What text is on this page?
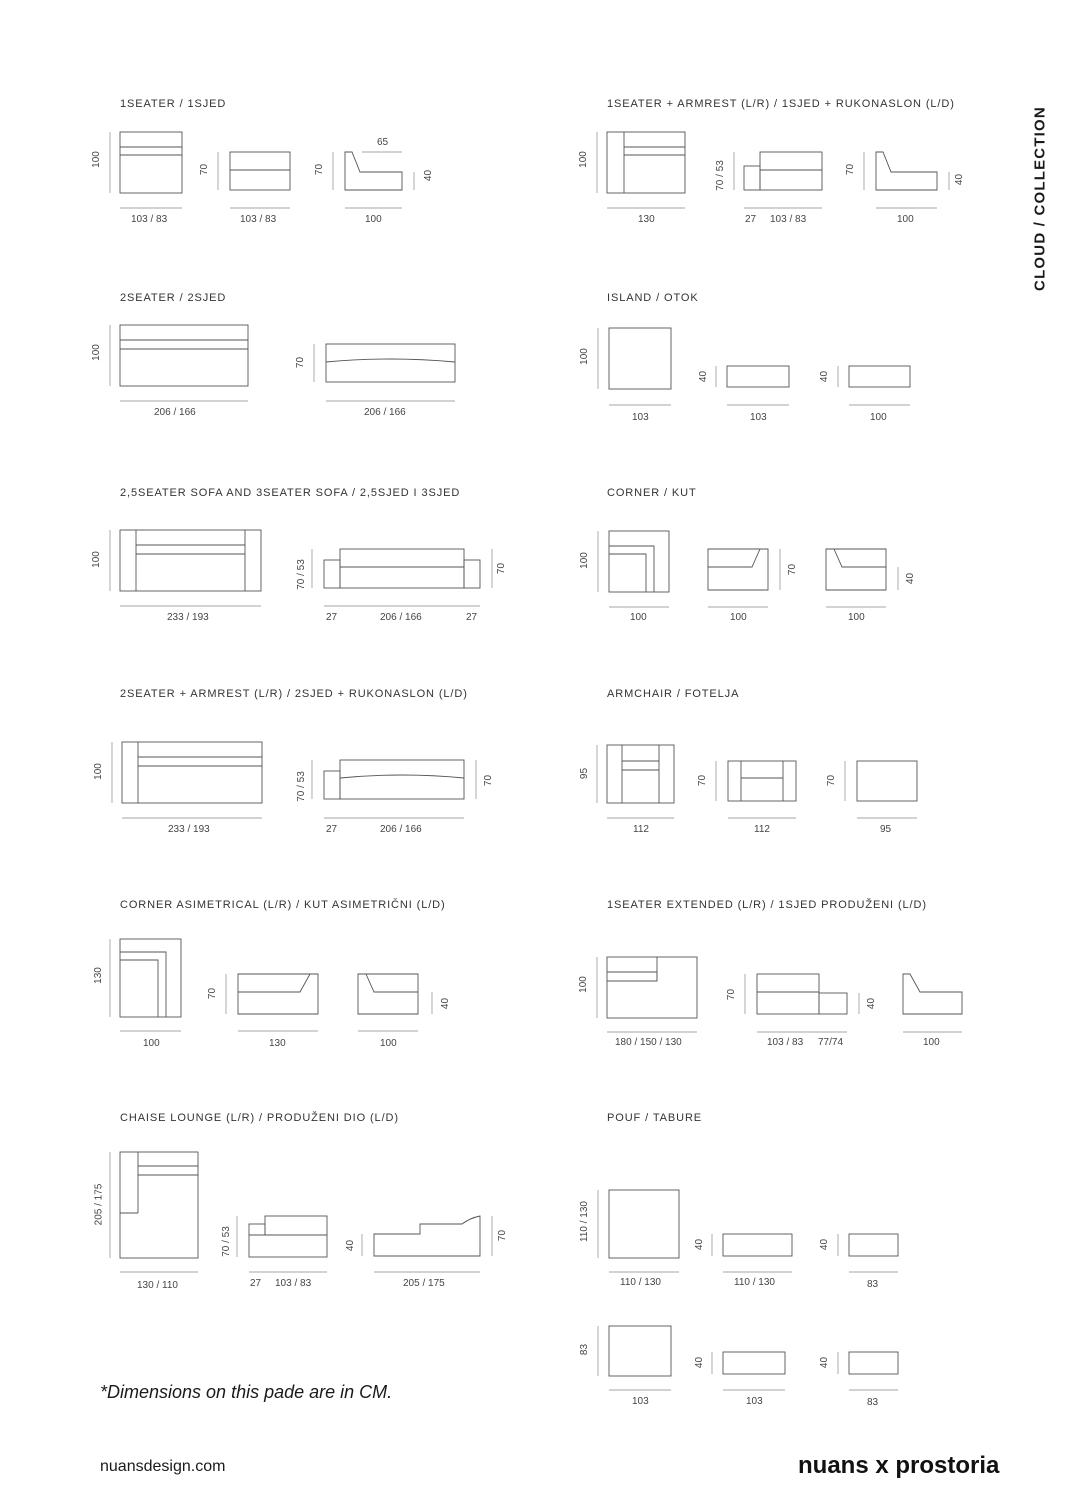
CLOUD / COLLECTION
1SEATER / 1SJED	1SEATER + ARMREST (L/R) / 1SJED + RUKONASLON (L/D)
2SEATER / 2SJED	ISLAND / OTOK
2,5SEATER SOFA AND 3SEATER SOFA / 2,5SJED I 3SJED	CORNER / KUT
2SEATER + ARMREST (L/R) / 2SJED + RUKONASLON (L/D)	ARMCHAIR / FOTELJA
CORNER ASIMETRICAL (L/R) / KUT ASIMETRIČNI (L/D)	1SEATER EXTENDED (L/R) / 1SJED PRODUŽENI (L/D)
CHAISE LOUNGE (L/R) / PRODUŽENI DIO (L/D)	POUF / TABURE
103 / 83	103 / 83	100
100
70	70
40
65
130	27 103 / 83	100
100
70 / 53	70
40
206 / 166	206 / 166
100
70
103	103	100
100
40	40
233 / 193	27	206 / 166	27
100	70 / 53	70
100	100	100
100
70
40
233 / 193	27	206 / 166
100	70 / 53	70
112	112	95
95
70	70
100	130	100
130
70
40
180 / 150 / 130	103 / 83 77/74	100
100
70
40
130 / 110	27 103 / 83	205 / 175
205 / 175
70 / 53	40
70
110 / 130	110 / 130	83
103	103	83
110 / 130
40	40
83
40	40
*Dimensions on this pade are in CM.
nuansdesign.com	nuans x prostoria
